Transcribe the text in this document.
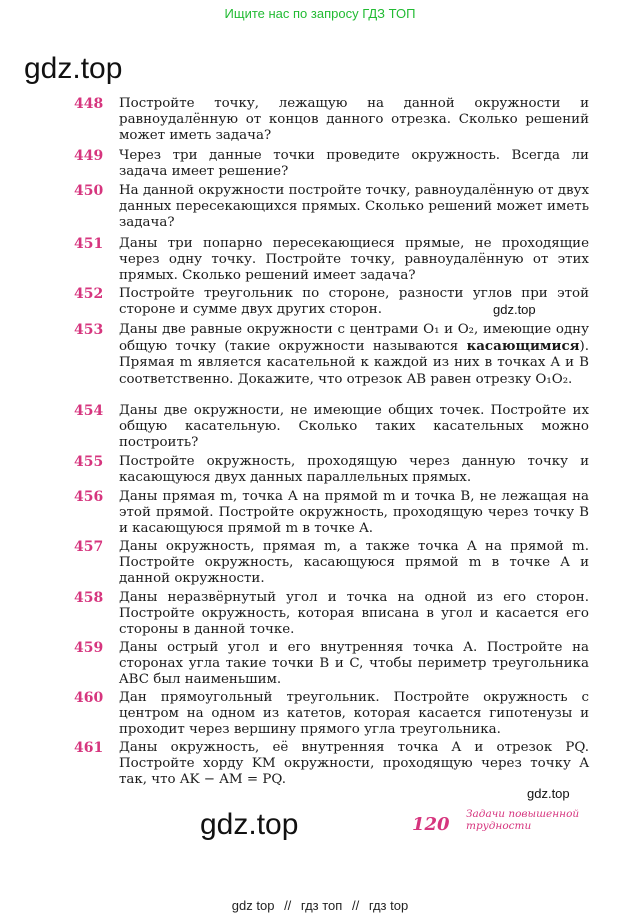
Ищите нас по запросу ГДЗ ТОП
gdz.top
448	Постройте точку, лежащую на данной окружности и равноудалённую от концов данного отрезка. Сколько решений может иметь задача?
449	Через три данные точки проведите окружность. Всегда ли задача имеет решение?
450	На данной окружности постройте точку, равноудалённую от двух данных пересекающихся прямых. Сколько решений может иметь задача?
451	Даны три попарно пересекающиеся прямые, не проходящие через одну точку. Постройте точку, равноудалённую от этих прямых. Сколько решений имеет задача?
452	Постройте треугольник по стороне, разности углов при этой стороне и сумме двух других сторон.
453	Даны две равные окружности с центрами O₁ и O₂, имеющие одну общую точку (такие окружности называются касающимися). Прямая m является касательной к каждой из них в точках A и B соответственно. Докажите, что отрезок AB равен отрезку O₁O₂.
454	Даны две окружности, не имеющие общих точек. Постройте их общую касательную. Сколько таких касательных можно построить?
455	Постройте окружность, проходящую через данную точку и касающуюся двух данных параллельных прямых.
456	Даны прямая m, точка A на прямой m и точка B, не лежащая на этой прямой. Постройте окружность, проходящую через точку B и касающуюся прямой m в точке A.
457	Даны окружность, прямая m, а также точка A на прямой m. Постройте окружность, касающуюся прямой m в точке A и данной окружности.
458	Даны неразвёрнутый угол и точка на одной из его сторон. Постройте окружность, которая вписана в угол и касается его стороны в данной точке.
459	Даны острый угол и его внутренняя точка A. Постройте на сторонах угла такие точки B и C, чтобы периметр треугольника ABC был наименьшим.
460	Дан прямоугольный треугольник. Постройте окружность с центром на одном из катетов, которая касается гипотенузы и проходит через вершину прямого угла треугольника.
461	Даны окружность, её внутренняя точка A и отрезок PQ. Постройте хорду KM окружности, проходящую через точку A так, что AK − AM = PQ.
gdz.top
gdz.top
gdz.top	120 Задачи повышенной трудности
gdz top // гдз топ // гдз top
